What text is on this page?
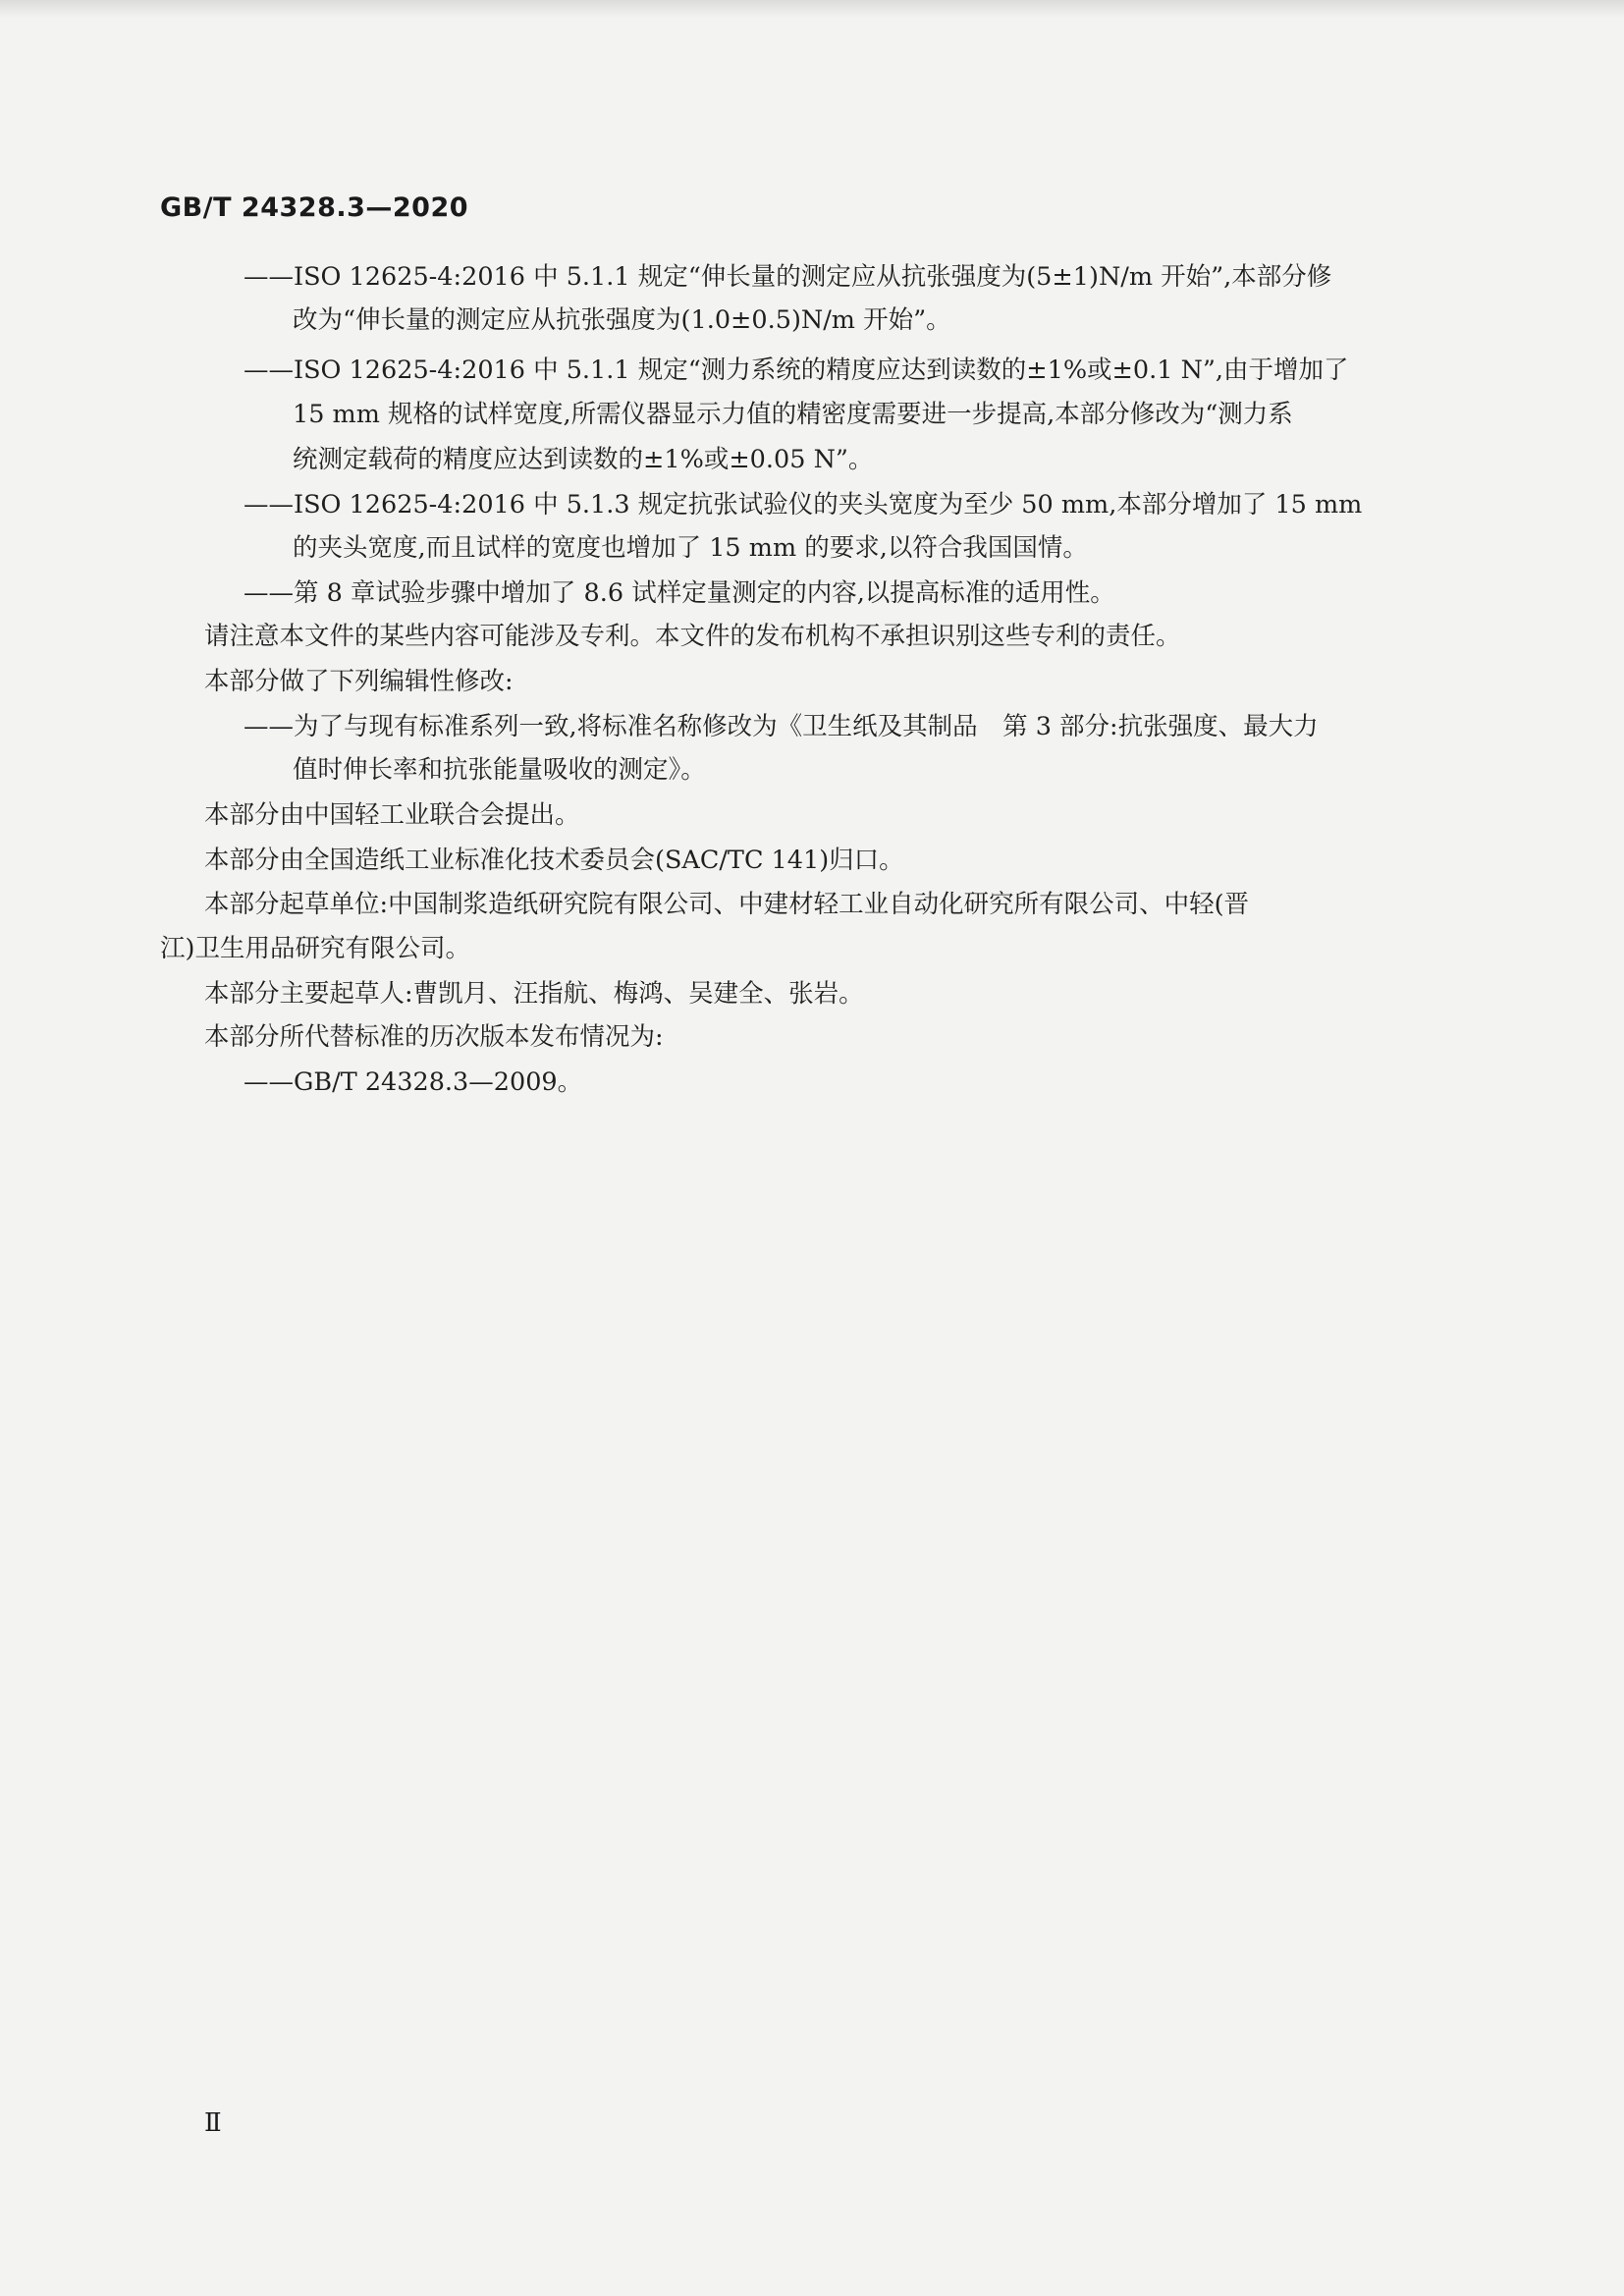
GB/T 24328.3—2020

——ISO 12625-4:2016 中 5.1.1 规定“伸长量的测定应从抗张强度为(5±1)N/m 开始”,本部分修

改为“伸长量的测定应从抗张强度为(1.0±0.5)N/m 开始”。

——ISO 12625-4:2016 中 5.1.1 规定“测力系统的精度应达到读数的±1%或±0.1 N”,由于增加了

15 mm 规格的试样宽度,所需仪器显示力值的精密度需要进一步提高,本部分修改为“测力系

统测定载荷的精度应达到读数的±1%或±0.05 N”。

——ISO 12625-4:2016 中 5.1.3 规定抗张试验仪的夹头宽度为至少 50 mm,本部分增加了 15 mm

的夹头宽度,而且试样的宽度也增加了 15 mm 的要求,以符合我国国情。

——第 8 章试验步骤中增加了 8.6 试样定量测定的内容,以提高标准的适用性。

请注意本文件的某些内容可能涉及专利。本文件的发布机构不承担识别这些专利的责任。

本部分做了下列编辑性修改:

——为了与现有标准系列一致,将标准名称修改为《卫生纸及其制品　第 3 部分:抗张强度、最大力

值时伸长率和抗张能量吸收的测定》。

本部分由中国轻工业联合会提出。

本部分由全国造纸工业标准化技术委员会(SAC/TC 141)归口。

本部分起草单位:中国制浆造纸研究院有限公司、中建材轻工业自动化研究所有限公司、中轻(晋

江)卫生用品研究有限公司。

本部分主要起草人:曹凯月、汪指航、梅鸿、吴建全、张岩。

本部分所代替标准的历次版本发布情况为:

——GB/T 24328.3—2009。

Ⅱ
